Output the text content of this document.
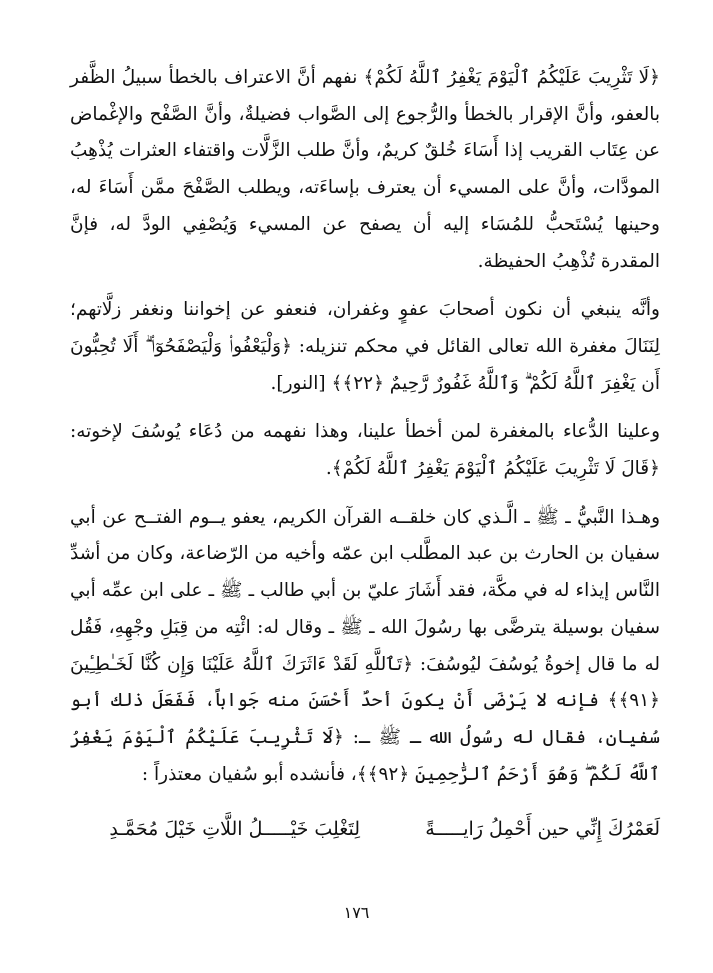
﴿لَا تَثْرِيبَ عَلَيْكُمُ ٱلْيَوْمَ يَغْفِرُ ٱللَّهُ لَكُمْ﴾ نفهم أنَّ الاعتراف بالخطأ سبيلُ الظَّفر بالعفو، وأنَّ الإقرار بالخطأ والرُّجوع إلى الصَّواب فضيلةٌ، وأنَّ الصَّفْح والإغْماض عن عِتَاب القريب إذا أَسَاءَ خُلقٌ كريمٌ، وأنَّ طلب الزَّلَّات واقتفاء العثرات يُذْهِبُ المودَّات، وأنَّ على المسيء أن يعترف بإساءَته، ويطلب الصَّفْحَ ممَّن أَسَاءَ له، وحينها يُسْتَحبُّ للمُسَاء إليه أن يصفح عن المسيء وَيُصْفِي الودَّ له، فإنَّ المقدرة تُذْهِبُ الحفيظة.

وأنَّه ينبغي أن نكون أصحابَ عفوٍ وغفران، فنعفو عن إخواننا ونغفر زلَّاتهم؛ لِنَنَالَ مغفرة الله تعالى القائل في محكم تنزيله: ﴿وَلْيَعْفُوا۟ وَلْيَصْفَحُوٓا۟ ۗ أَلَا تُحِبُّونَ أَن يَغْفِرَ ٱللَّهُ لَكُمْ ۗ وَٱللَّهُ غَفُورٌ رَّحِيمٌ ﴿٢٢﴾﴾ [النور].

وعلينا الدُّعاء بالمغفرة لمن أخطأ علينا، وهذا نفهمه من دُعَاء يُوسُفَ لإخوته: ﴿قَالَ لَا تَثْرِيبَ عَلَيْكُمُ ٱلْيَوْمَ يَغْفِرُ ٱللَّهُ لَكُمْ﴾.

وهـذا النَّبيُّ ـ ﷺ ـ الَّـذي كان خلقــه القرآن الكريم، يعفو يــوم الفتــح عن أبي سفيان بن الحارث بن عبد المطَّلب ابن عمّه وأخيه من الرّضاعة، وكان من أشدِّ النَّاس إيذاء له في مكَّة، فقد أَشَارَ عليّ بن أبي طالب ـ ﷺ ـ على ابن عمِّه أبي سفيان بوسيلة يترضَّى بها رسُولَ الله ـ ﷺ ـ وقال له: ائْتِه من قِبَلِ وجْهِهِ، فَقُل له ما قال إخوةُ يُوسُفَ ليُوسُفَ: ﴿تَٱللَّهِ لَقَدْ ءَاثَرَكَ ٱللَّهُ عَلَيْنَا وَإِن كُنَّا لَخَـٰطِـِٔينَ ﴿٩١﴾﴾ فإنه لا يَرْضَى أَنْ يكونَ أحدٌ أَحْسَنَ منه جَواباً، فَفَعَلَ ذلك أبو سُفيان، فقال له رسُولُ الله ـ ﷺ ـ: ﴿لَا تَثْرِيبَ عَلَيْكُمُ ٱلْيَوْمَ يَغْفِرُ ٱللَّهُ لَكُمْ ۖ وَهُوَ أَرْحَمُ ٱلرَّٰحِمِينَ ﴿٩٢﴾﴾، فأنشده أبو سُفيان معتذراً :

لَعَمْرُكَ إِنِّي حين أَحْمِلُ رَايـــــةً
لِتَغْلِبَ خَيْـــــلُ اللَّاتِ خَيْلَ مُحَمَّـدِ
١٧٦
